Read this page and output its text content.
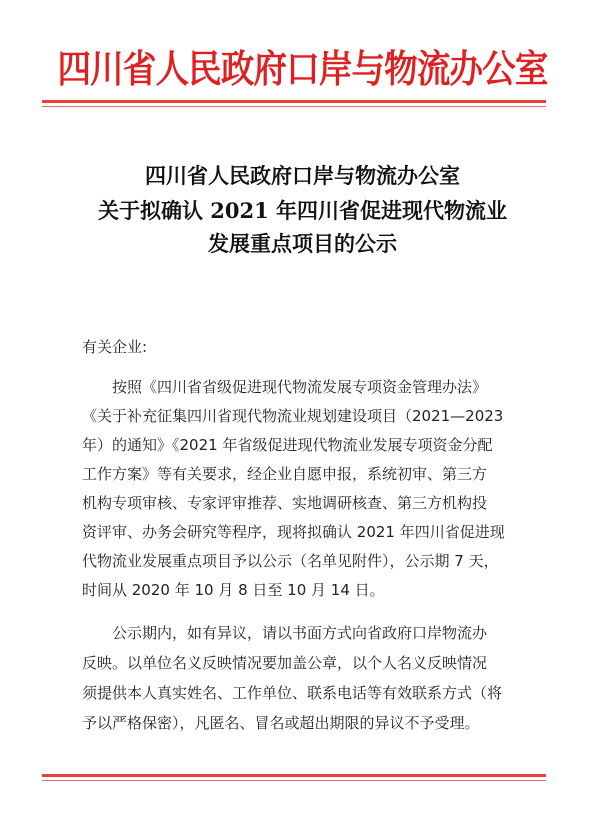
四川省人民政府口岸与物流办公室
四川省人民政府口岸与物流办公室
关于拟确认 2021 年四川省促进现代物流业
发展重点项目的公示
有关企业:
按照《四川省省级促进现代物流发展专项资金管理办法》
《关于补充征集四川省现代物流业规划建设项目（2021—2023
年）的通知》《2021 年省级促进现代物流业发展专项资金分配
工作方案》等有关要求，经企业自愿申报，系统初审、第三方
机构专项审核、专家评审推荐、实地调研核查、第三方机构投
资评审、办务会研究等程序，现将拟确认 2021 年四川省促进现
代物流业发展重点项目予以公示（名单见附件），公示期 7 天，
时间从 2020 年 10 月 8 日至 10 月 14 日。
公示期内，如有异议，请以书面方式向省政府口岸物流办
反映。以单位名义反映情况要加盖公章，以个人名义反映情况
须提供本人真实姓名、工作单位、联系电话等有效联系方式（将
予以严格保密），凡匿名、冒名或超出期限的异议不予受理。
